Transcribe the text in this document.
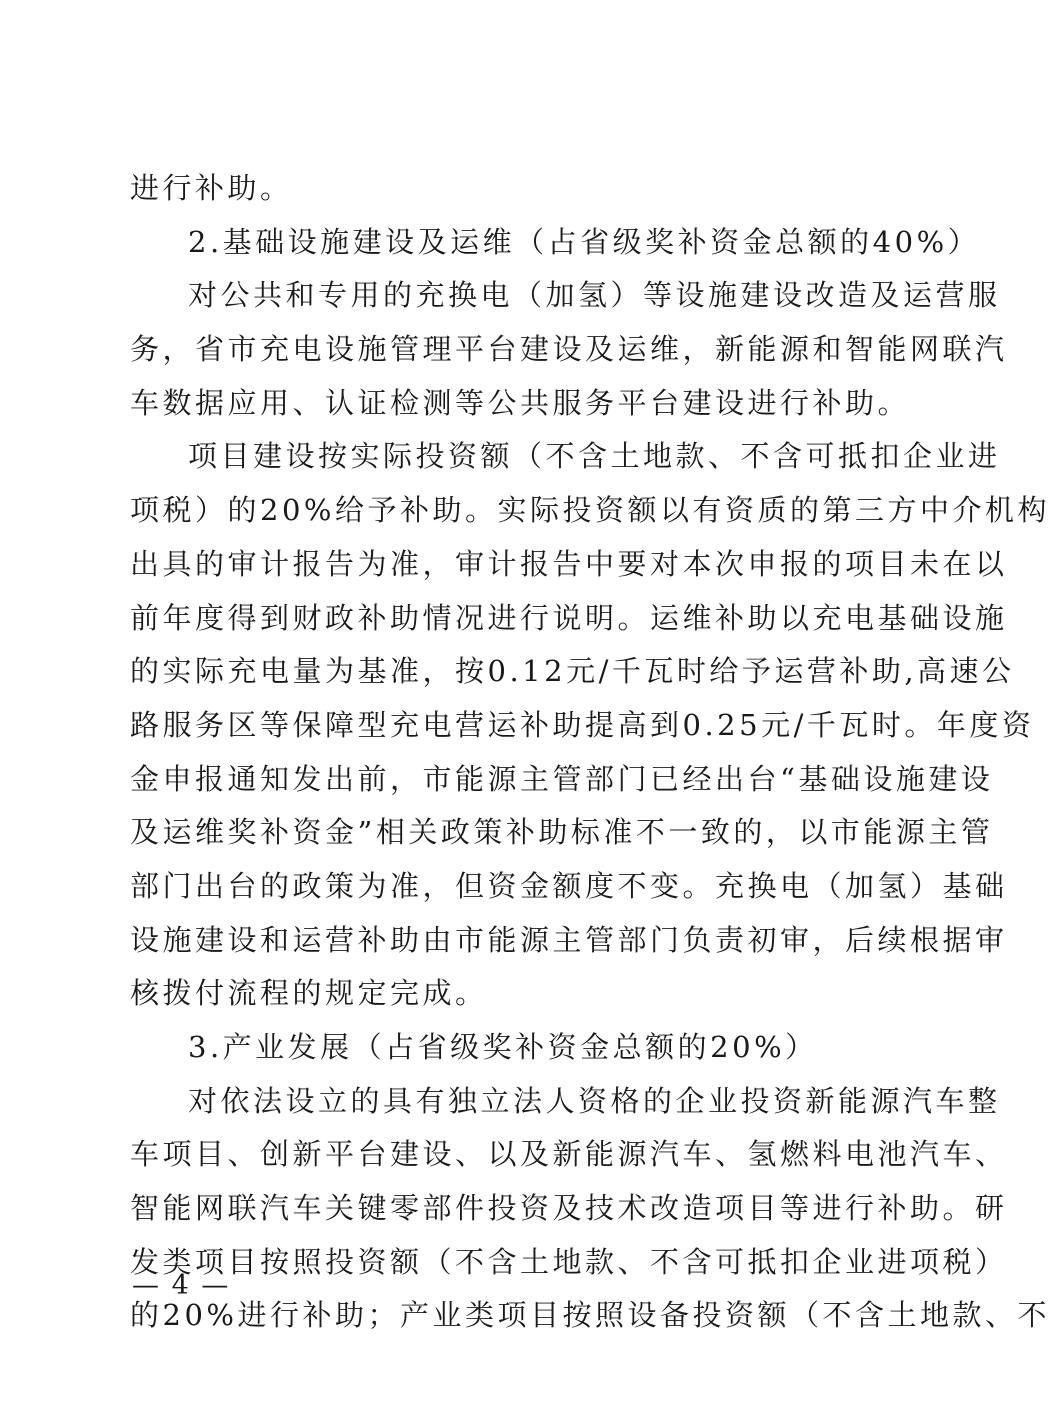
进行补助。
2.基础设施建设及运维（占省级奖补资金总额的40%）
对公共和专用的充换电（加氢）等设施建设改造及运营服
务，省市充电设施管理平台建设及运维，新能源和智能网联汽
车数据应用、认证检测等公共服务平台建设进行补助。
项目建设按实际投资额（不含土地款、不含可抵扣企业进
项税）的20%给予补助。实际投资额以有资质的第三方中介机构
出具的审计报告为准，审计报告中要对本次申报的项目未在以
前年度得到财政补助情况进行说明。运维补助以充电基础设施
的实际充电量为基准，按0.12元/千瓦时给予运营补助,高速公
路服务区等保障型充电营运补助提高到0.25元/千瓦时。年度资
金申报通知发出前，市能源主管部门已经出台“基础设施建设
及运维奖补资金”相关政策补助标准不一致的，以市能源主管
部门出台的政策为准，但资金额度不变。充换电（加氢）基础
设施建设和运营补助由市能源主管部门负责初审，后续根据审
核拨付流程的规定完成。
3.产业发展（占省级奖补资金总额的20%）
对依法设立的具有独立法人资格的企业投资新能源汽车整
车项目、创新平台建设、以及新能源汽车、氢燃料电池汽车、
智能网联汽车关键零部件投资及技术改造项目等进行补助。研
发类项目按照投资额（不含土地款、不含可抵扣企业进项税）
的20%进行补助；产业类项目按照设备投资额（不含土地款、不
— 4 —
